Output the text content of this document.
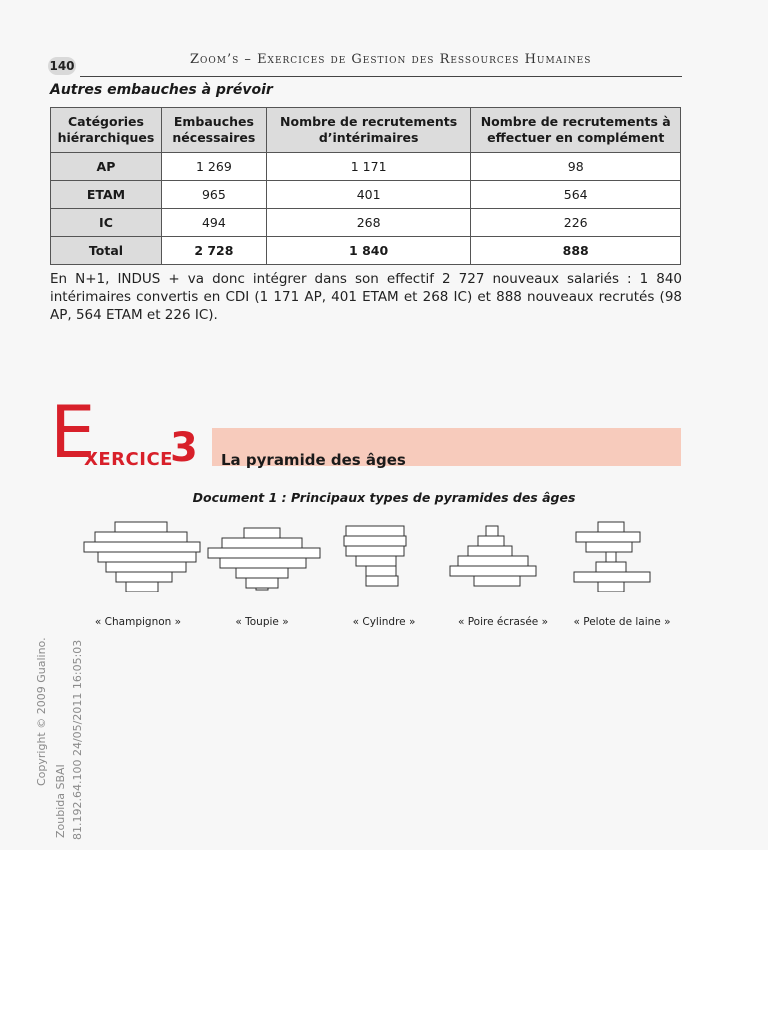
140	Zoom’s – Exercices de Gestion des Ressources Humaines
Autres embauches à prévoir
Catégories hiérarchiques	Embauches nécessaires	Nombre de recrutements d’intérimaires	Nombre de recrutements à effectuer en complément
AP	1 269	1 171	98
ETAM	965	401	564
IC	494	268	226
Total	2 728	1 840	888
En N+1, INDUS + va donc intégrer dans son effectif 2 727 nouveaux salariés : 1 840 intérimaires convertis en CDI (1 171 AP, 401 ETAM et 268 IC) et 888 nouveaux recrutés (98 AP, 564 ETAM et 226 IC).
E
XERCICE
3 La pyramide des âges
Document 1 : Principaux types de pyramides des âges
« Champignon »	« Toupie »	« Cylindre »	« Poire écrasée »	« Pelote de laine »
Copyright © 2009 Gualino.
Zoubida SBAI 81.192.64.100 24/05/2011 16:05:03
